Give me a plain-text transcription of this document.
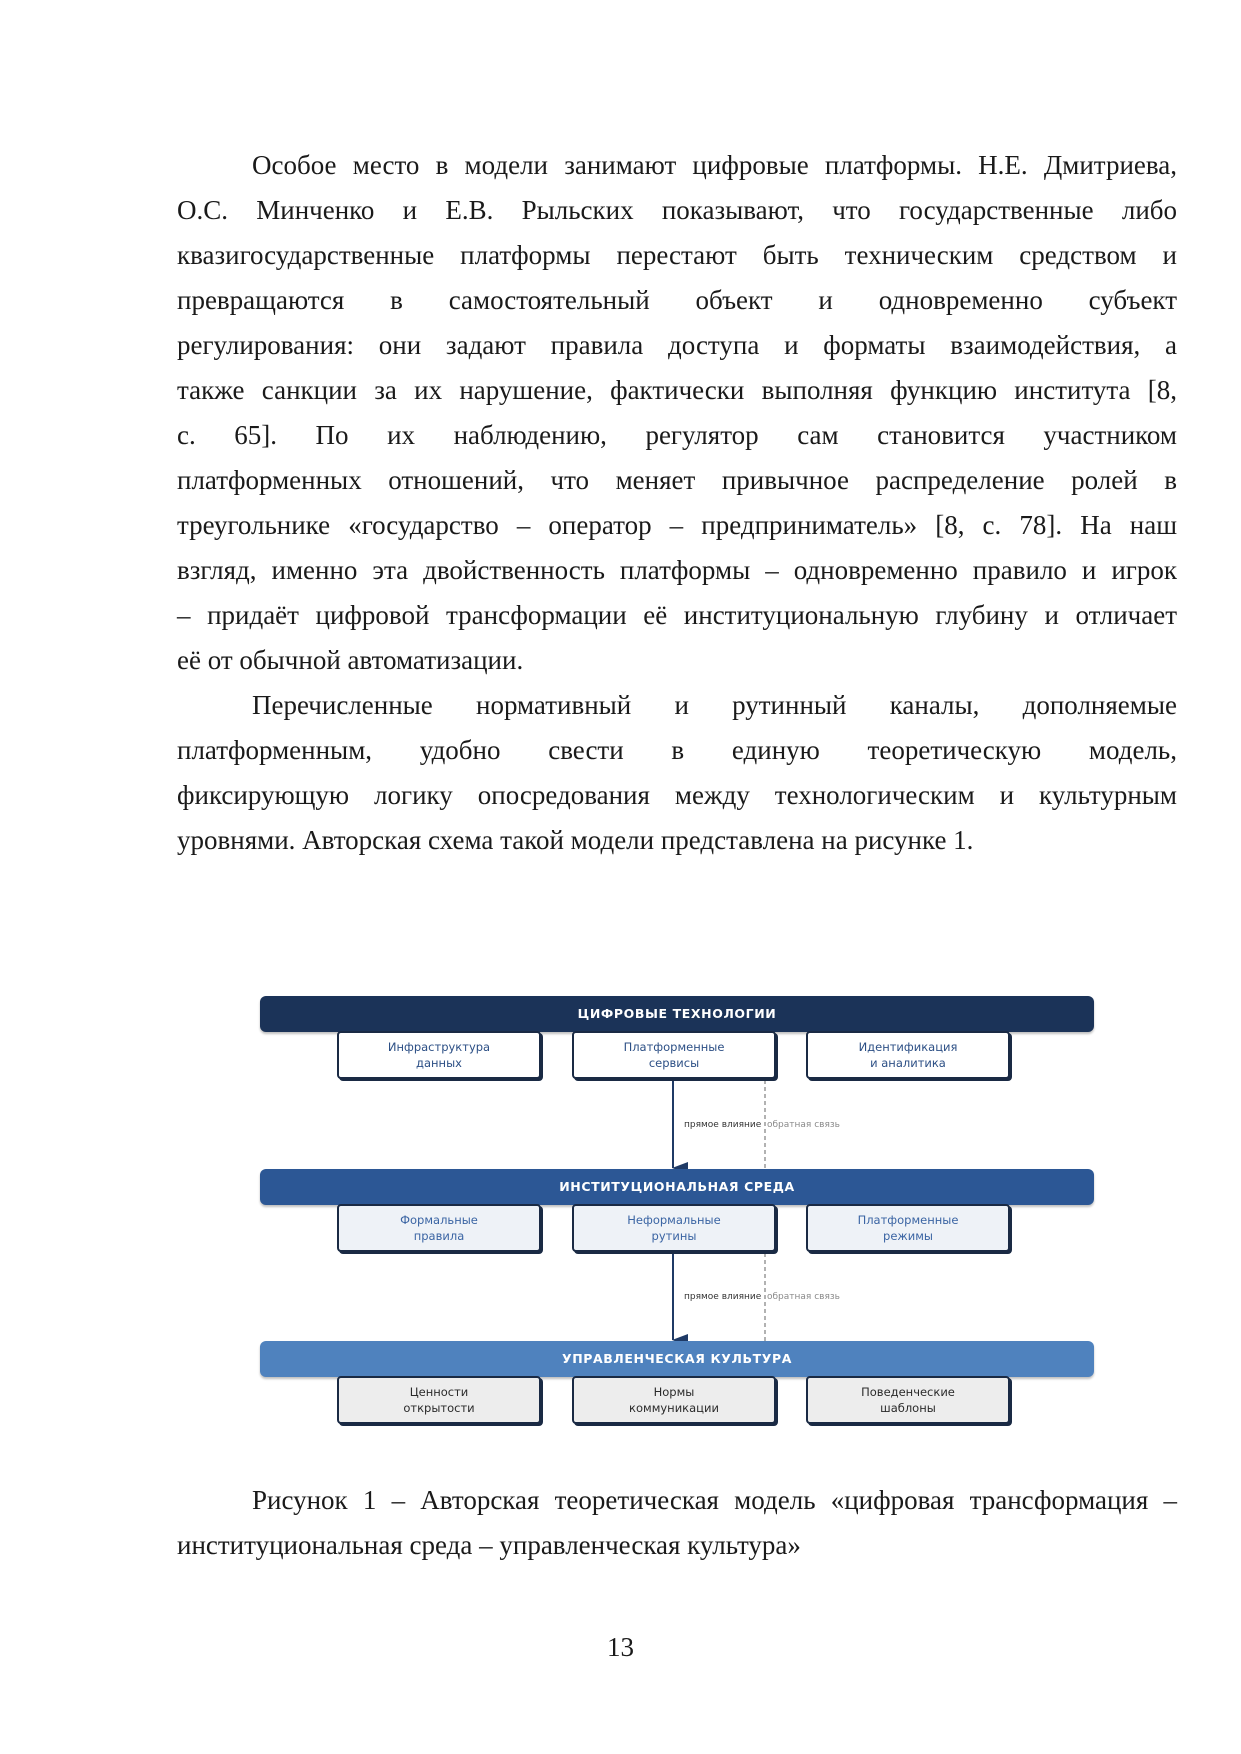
Особое место в модели занимают цифровые платформы. Н.Е. Дмитриева,

О.С. Минченко и Е.В. Рыльских показывают, что государственные либо

квазигосударственные платформы перестают быть техническим средством и

превращаются в самостоятельный объект и одновременно субъект

регулирования: они задают правила доступа и форматы взаимодействия, а

также санкции за их нарушение, фактически выполняя функцию института [8,

с. 65]. По их наблюдению, регулятор сам становится участником

платформенных отношений, что меняет привычное распределение ролей в

треугольнике «государство – оператор – предприниматель» [8, с. 78]. На наш

взгляд, именно эта двойственность платформы – одновременно правило и игрок

– придаёт цифровой трансформации её институциональную глубину и отличает

её от обычной автоматизации.

Перечисленные нормативный и рутинный каналы, дополняемые

платформенным, удобно свести в единую теоретическую модель,

фиксирующую логику опосредования между технологическим и культурным

уровнями. Авторская схема такой модели представлена на рисунке 1.

ЦИФРОВЫЕ ТЕХНОЛОГИИ
Инфраструктура
данных
Платформенные
сервисы
Идентификация
и аналитика
прямое влияние обратная связь
ИНСТИТУЦИОНАЛЬНАЯ СРЕДА
Формальные
правила
Неформальные
рутины
Платформенные
режимы
прямое влияние обратная связь
УПРАВЛЕНЧЕСКАЯ КУЛЬТУРА
Ценности
открытости
Нормы
коммуникации
Поведенческие
шаблоны

Рисунок 1 – Авторская теоретическая модель «цифровая трансформация –

институциональная среда – управленческая культура»

13
